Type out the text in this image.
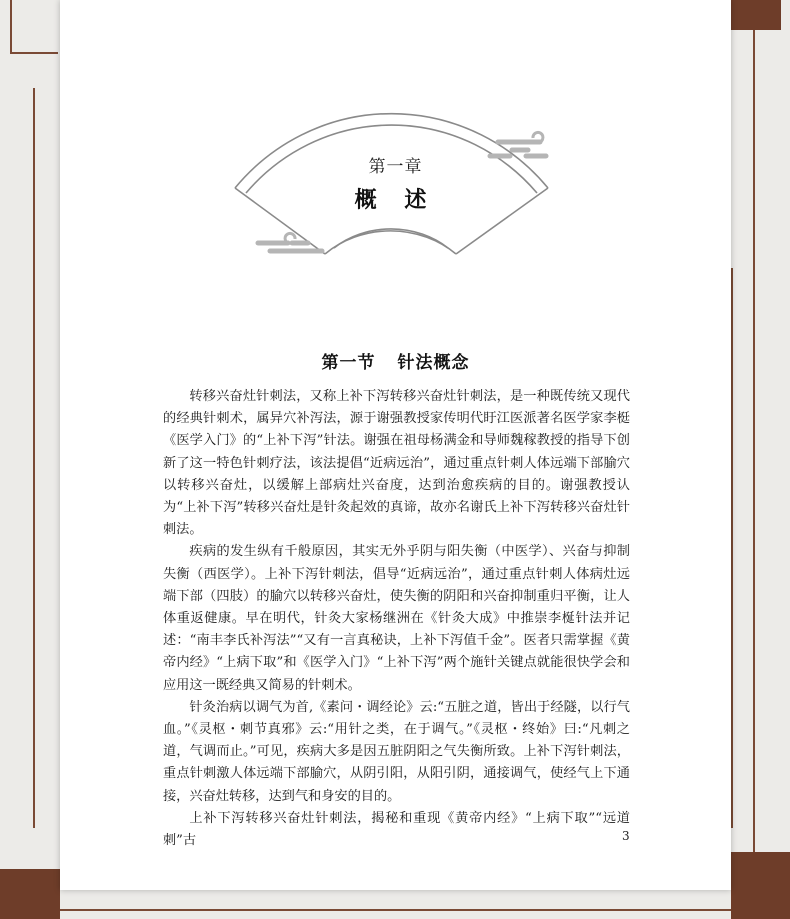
第一章
概 述
第一节 针法概念

转移兴奋灶针刺法，又称上补下泻转移兴奋灶针刺法，是一种既传统又现代的经典针刺术，属异穴补泻法，源于谢强教授家传明代盱江医派著名医学家李梃《医学入门》的“上补下泻”针法。谢强在祖母杨满金和导师魏稼教授的指导下创新了这一特色针刺疗法，该法提倡“近病远治”，通过重点针刺人体远端下部腧穴以转移兴奋灶，以缓解上部病灶兴奋度，达到治愈疾病的目的。谢强教授认为“上补下泻”转移兴奋灶是针灸起效的真谛，故亦名谢氏上补下泻转移兴奋灶针刺法。

疾病的发生纵有千般原因，其实无外乎阴与阳失衡（中医学）、兴奋与抑制失衡（西医学）。上补下泻针刺法，倡导“近病远治”，通过重点针刺人体病灶远端下部（四肢）的腧穴以转移兴奋灶，使失衡的阴阳和兴奋抑制重归平衡，让人体重返健康。早在明代，针灸大家杨继洲在《针灸大成》中推崇李梴针法并记述：“南丰李氏补泻法”“又有一言真秘诀，上补下泻值千金”。医者只需掌握《黄帝内经》“上病下取”和《医学入门》“上补下泻”两个施针关键点就能很快学会和应用这一既经典又简易的针刺术。

针灸治病以调气为首,《素问・调经论》云:“五脏之道，皆出于经隧，以行气血。”《灵枢・刺节真邪》云:“用针之类，在于调气。”《灵枢・终始》曰:“凡刺之道，气调而止。”可见，疾病大多是因五脏阴阳之气失衡所致。上补下泻针刺法，重点针刺激人体远端下部腧穴，从阴引阳，从阳引阴，通接调气，使经气上下通接，兴奋灶转移，达到气和身安的目的。

上补下泻转移兴奋灶针刺法，揭秘和重现《黄帝内经》“上病下取”“远道刺”古	3
